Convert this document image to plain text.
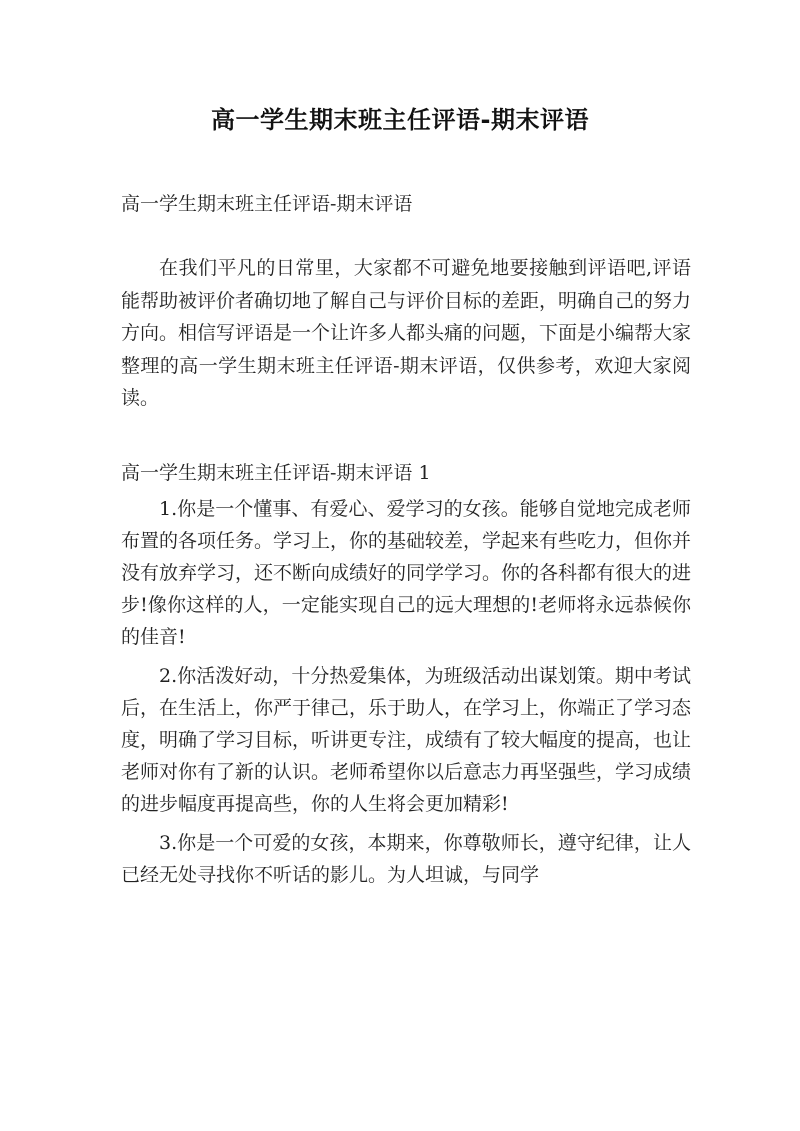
高一学生期末班主任评语-期末评语

高一学生期末班主任评语-期末评语

在我们平凡的日常里，大家都不可避免地要接触到评语吧,评语能帮助被评价者确切地了解自己与评价目标的差距，明确自己的努力方向。相信写评语是一个让许多人都头痛的问题，下面是小编帮大家整理的高一学生期末班主任评语-期末评语，仅供参考，欢迎大家阅读。

高一学生期末班主任评语-期末评语 1

1.你是一个懂事、有爱心、爱学习的女孩。能够自觉地完成老师布置的各项任务。学习上，你的基础较差，学起来有些吃力，但你并没有放弃学习，还不断向成绩好的同学学习。你的各科都有很大的进步!像你这样的人，一定能实现自己的远大理想的!老师将永远恭候你的佳音!

2.你活泼好动，十分热爱集体，为班级活动出谋划策。期中考试后，在生活上，你严于律己，乐于助人，在学习上，你端正了学习态度，明确了学习目标，听讲更专注，成绩有了较大幅度的提高，也让老师对你有了新的认识。老师希望你以后意志力再坚强些，学习成绩的进步幅度再提高些，你的人生将会更加精彩!

3.你是一个可爱的女孩，本期来，你尊敬师长，遵守纪律，让人已经无处寻找你不听话的影儿。为人坦诚，与同学
